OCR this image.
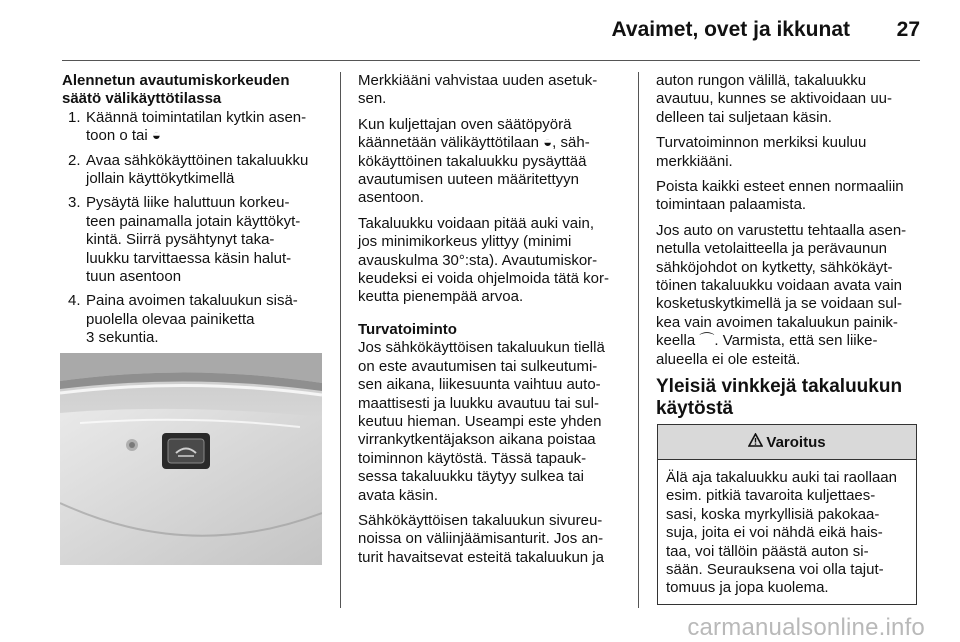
Avaimet, ovet ja ikkunat	27
Alennetun avautumiskorkeuden
säätö välikäyttötilassa
1. Käännä toimintatilan kytkin asen-
toon o tai ◒
2. Avaa sähkökäyttöinen takaluukku
jollain käyttökytkimellä
3. Pysäytä liike haluttuun korkeu-
teen painamalla jotain käyttökyt-
kintä. Siirrä pysähtynyt taka-
luukku tarvittaessa käsin halut-
tuun asentoon
4. Paina avoimen takaluukun sisä-
puolella olevaa painiketta
3 sekuntia.

Merkkiääni vahvistaa uuden asetuk-
sen.

Kun kuljettajan oven säätöpyörä
käännetään välikäyttötilaan ◒, säh-
kökäyttöinen takaluukku pysäyttää
avautumisen uuteen määritettyyn
asentoon.

Takaluukku voidaan pitää auki vain,
jos minimikorkeus ylittyy (minimi
avauskulma 30°:sta). Avautumiskor-
keudeksi ei voida ohjelmoida tätä kor-
keutta pienempää arvoa.

Turvatoiminto

Jos sähkökäyttöisen takaluukun tiellä
on este avautumisen tai sulkeutumi-
sen aikana, liikesuunta vaihtuu auto-
maattisesti ja luukku avautuu tai sul-
keutuu hieman. Useampi este yhden
virrankytkentäjakson aikana poistaa
toiminnon käytöstä. Tässä tapauk-
sessa takaluukku täytyy sulkea tai
avata käsin.

Sähkökäyttöisen takaluukun sivureu-
noissa on väliinjäämisanturit. Jos an-
turit havaitsevat esteitä takaluukun ja

auton rungon välillä, takaluukku
avautuu, kunnes se aktivoidaan uu-
delleen tai suljetaan käsin.

Turvatoiminnon merkiksi kuuluu
merkkiääni.

Poista kaikki esteet ennen normaaliin
toimintaan palaamista.

Jos auto on varustettu tehtaalla asen-
netulla vetolaitteella ja perävaunun
sähköjohdot on kytketty, sähkökäyt-
töinen takaluukku voidaan avata vain
kosketuskytkimellä ja se voidaan sul-
kea vain avoimen takaluukun painik-
keella ⌒. Varmista, että sen liike-
alueella ei ole esteitä.

Yleisiä vinkkejä takaluukun
käytöstä
Varoitus
Älä aja takaluukku auki tai raollaan
esim. pitkiä tavaroita kuljettaes-
sasi, koska myrkyllisiä pakokaa-
suja, joita ei voi nähdä eikä hais-
taa, voi tällöin päästä auton si-
sään. Seurauksena voi olla tajut-
tomuus ja jopa kuolema.
carmanualsonline.info
